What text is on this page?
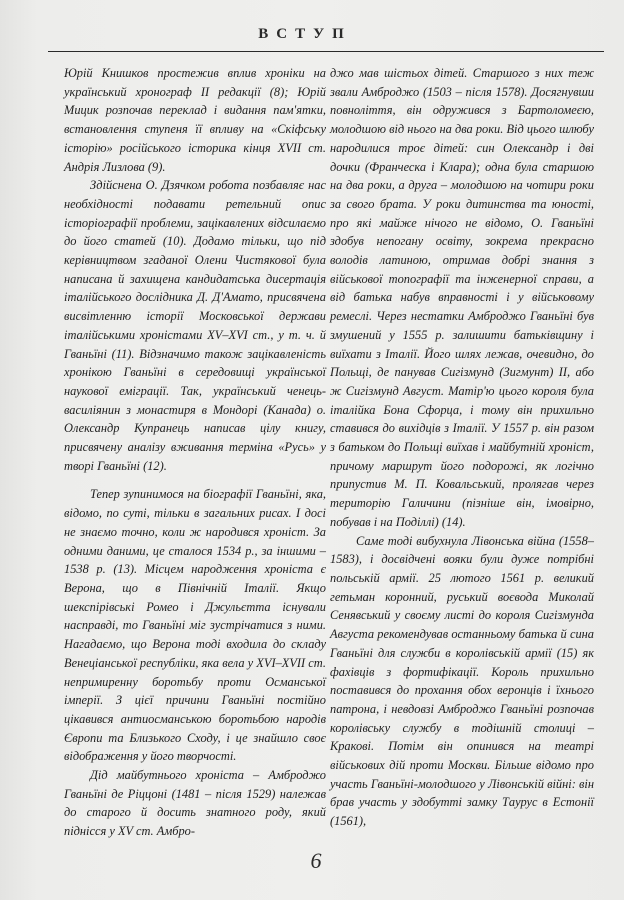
ВСТУП

Юрій Книшков простежив вплив хроніки на український хронограф ІІ редакції (8); Юрій Мицик розпочав переклад і видання пам'ятки, встановлення ступеня її впливу на «Скіфську історію» російського історика кінця XVII ст. Андрія Лизлова (9).

Здійснена О. Дзячком робота позбавляє нас необхідності подавати ретельний опис історіографії проблеми, зацікавлених відсилаємо до його статей (10). Додамо тільки, що під керівництвом згаданої Олени Чистякової була написана й захищена кандидатська дисертація італійського дослідника Д. Д'Амато, присвячена висвітленню історії Московської держави італійськими хроністами XV–XVI ст., у т. ч. й Гваньїні (11). Відзначимо також зацікавленість хронікою Гваньїні в середовищі української наукової еміграції. Так, український ченець-василіянин з монастиря в Мондорі (Канада) о. Олександр Купранець написав цілу книгу, присвячену аналізу вживання терміна «Русь» у творі Гваньїні (12).

Тепер зупинимося на біографії Гваньїні, яка, відомо, по суті, тільки в загальних рисах. І досі не знаємо точно, коли ж народився хроніст. За одними даними, це сталося 1534 р., за іншими – 1538 р. (13). Місцем народження хроніста є Верона, що в Північній Італії. Якщо шекспірівські Ромео і Джульєтта існували насправді, то Гваньїні міг зустрічатися з ними. Нагадаємо, що Верона тоді входила до складу Венеціанської республіки, яка вела у XVI–XVII ст. непримиренну боротьбу проти Османської імперії. З цієї причини Гваньїні постійно цікавився антиосманською боротьбою народів Європи та Близького Сходу, і це знайшло своє відображення у його творчості.

Дід майбутнього хроніста – Амброджо Гваньїні де Ріццоні (1481 – після 1529) належав до старого й досить знатного роду, який піднісся у XV ст. Амбро-

джо мав шістьох дітей. Старшого з них теж звали Амброджо (1503 – після 1578). Досягнувши повноліття, він одружився з Бартоломеєю, молодшою від нього на два роки. Від цього шлюбу народилися троє дітей: син Олександр і дві дочки (Франческа і Клара); одна була старшою на два роки, а друга – молодшою на чотири роки за свого брата. У роки дитинства та юності, про які майже нічого не відомо, О. Гваньїні здобув непогану освіту, зокрема прекрасно володів латиною, отримав добрі знання з військової топографії та інженерної справи, а від батька набув вправності і у військовому ремеслі. Через нестатки Амброджо Гваньїні був змушений у 1555 р. залишити батьківщину і виїхати з Італії. Його шлях лежав, очевидно, до Польщі, де панував Сигізмунд (Зигмунт) ІІ, або ж Сигізмунд Август. Матір'ю цього короля була італійка Бона Сфорца, і тому він прихильно ставився до вихідців з Італії. У 1557 р. він разом з батьком до Польщі виїхав і майбутній хроніст, причому маршрут його подорожі, як логічно припустив М. П. Ковальський, пролягав через територію Галичини (пізніше він, імовірно, побував і на Поділлі) (14).

Саме тоді вибухнула Лівонська війна (1558–1583), і досвідчені вояки були дуже потрібні польській армії. 25 лютого 1561 р. великий гетьман коронний, руський воєвода Миколай Сенявський у своєму листі до короля Сигізмунда Августа рекомендував останньому батька й сина Гваньїні для служби в королівській армії (15) як фахівців з фортифікації. Король прихильно поставився до прохання обох веронців і їхнього патрона, і невдовзі Амброджо Гваньїні розпочав королівську службу в тодішній столиці – Кракові. Потім він опинився на театрі військових дій проти Москви. Більше відомо про участь Гваньїні-молодшого у Лівонській війні: він брав участь у здобутті замку Тaурус в Естонії (1561),

6
